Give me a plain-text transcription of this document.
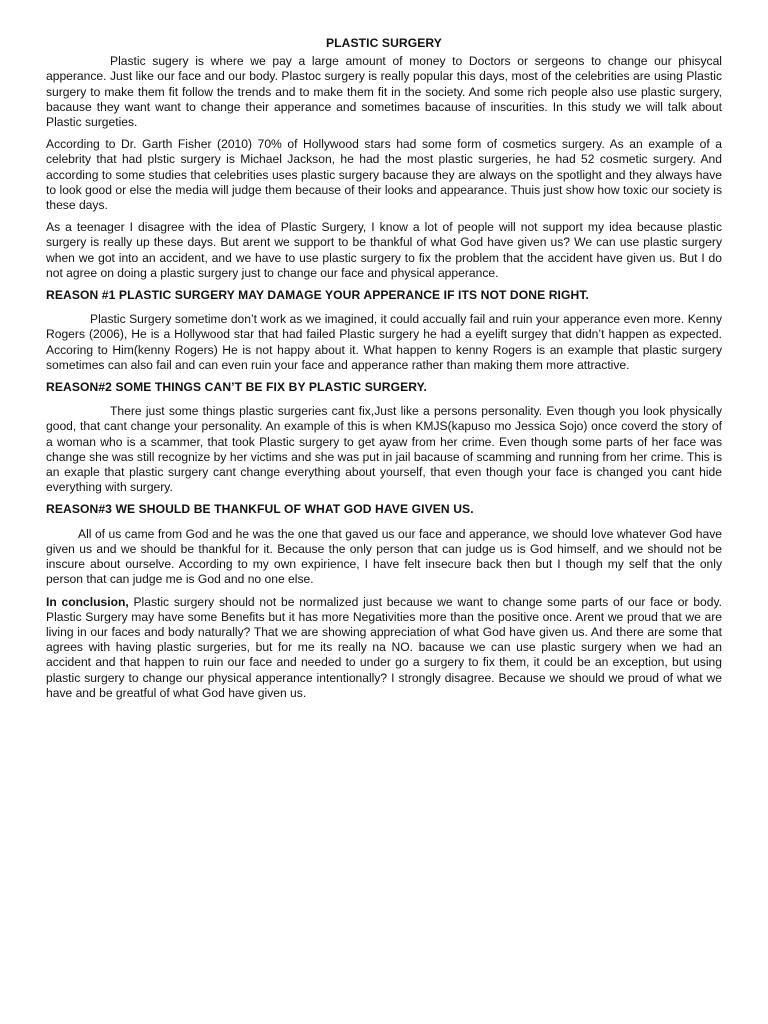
PLASTIC SURGERY

Plastic sugery is where we pay a large amount of money to Doctors or sergeons to change our phisycal apperance. Just like our face and our body. Plastoc surgery is really popular this days, most of the celebrities are using Plastic surgery to make them fit follow the trends and to make them fit in the society. And some rich people also use plastic surgery, bacause they want want to change their apperance and sometimes bacause of inscurities. In this study we will talk about Plastic surgeties.

According to Dr. Garth Fisher (2010) 70% of Hollywood stars had some form of cosmetics surgery. As an example of a celebrity that had plstic surgery is Michael Jackson, he had the most plastic surgeries, he had 52 cosmetic surgery. And according to some studies that celebrities uses plastic surgery bacause they are always on the spotlight and they always have to look good or else the media will judge them because of their looks and appearance. Thuis just show how toxic our society is these days.

As a teenager I disagree with the idea of Plastic Surgery, I know a lot of people will not support my idea because plastic surgery is really up these days. But arent we support to be thankful of what God have given us? We can use plastic surgery when we got into an accident, and we have to use plastic surgery to fix the problem that the accident have given us. But I do not agree on doing a plastic surgery just to change our face and physical apperance.

REASON #1 PLASTIC SURGERY MAY DAMAGE YOUR APPERANCE IF ITS NOT DONE RIGHT.

Plastic Surgery sometime don’t work as we imagined, it could accually fail and ruin your apperance even more. Kenny Rogers (2006), He is a Hollywood star that had failed Plastic surgery he had a eyelift surgey that didn’t happen as expected. Accoring to Him(kenny Rogers) He is not happy about it. What happen to kenny Rogers is an example that plastic surgery sometimes can also fail and can even ruin your face and apperance rather than making them more attractive.

REASON#2 SOME THINGS CAN’T BE FIX BY PLASTIC SURGERY.

There just some things plastic surgeries cant fix,Just like a persons personality. Even though you look physically good, that cant change your personality. An example of this is when KMJS(kapuso mo Jessica Sojo) once coverd the story of a woman who is a scammer, that took Plastic surgery to get ayaw from her crime. Even though some parts of her face was change she was still recognize by her victims and she was put in jail bacause of scamming and running from her crime. This is an exaple that plastic surgery cant change everything about yourself, that even though your face is changed you cant hide everything with surgery.

REASON#3 WE SHOULD BE THANKFUL OF WHAT GOD HAVE GIVEN US.

All of us came from God and he was the one that gaved us our face and apperance, we should love whatever God have given us and we should be thankful for it. Because the only person that can judge us is God himself, and we should not be inscure about ourselve. According to my own expirience, I have felt insecure back then but I though my self that the only person that can judge me is God and no one else.

In conclusion, Plastic surgery should not be normalized just because we want to change some parts of our face or body. Plastic Surgery may have some Benefits but it has more Negativities more than the positive once. Arent we proud that we are living in our faces and body naturally? That we are showing appreciation of what God have given us. And there are some that agrees with having plastic surgeries, but for me its really na NO. bacause we can use plastic surgery when we had an accident and that happen to ruin our face and needed to under go a surgery to fix them, it could be an exception, but using plastic surgery to change our physical apperance intentionally? I strongly disagree. Because we should we proud of what we have and be greatful of what God have given us.
